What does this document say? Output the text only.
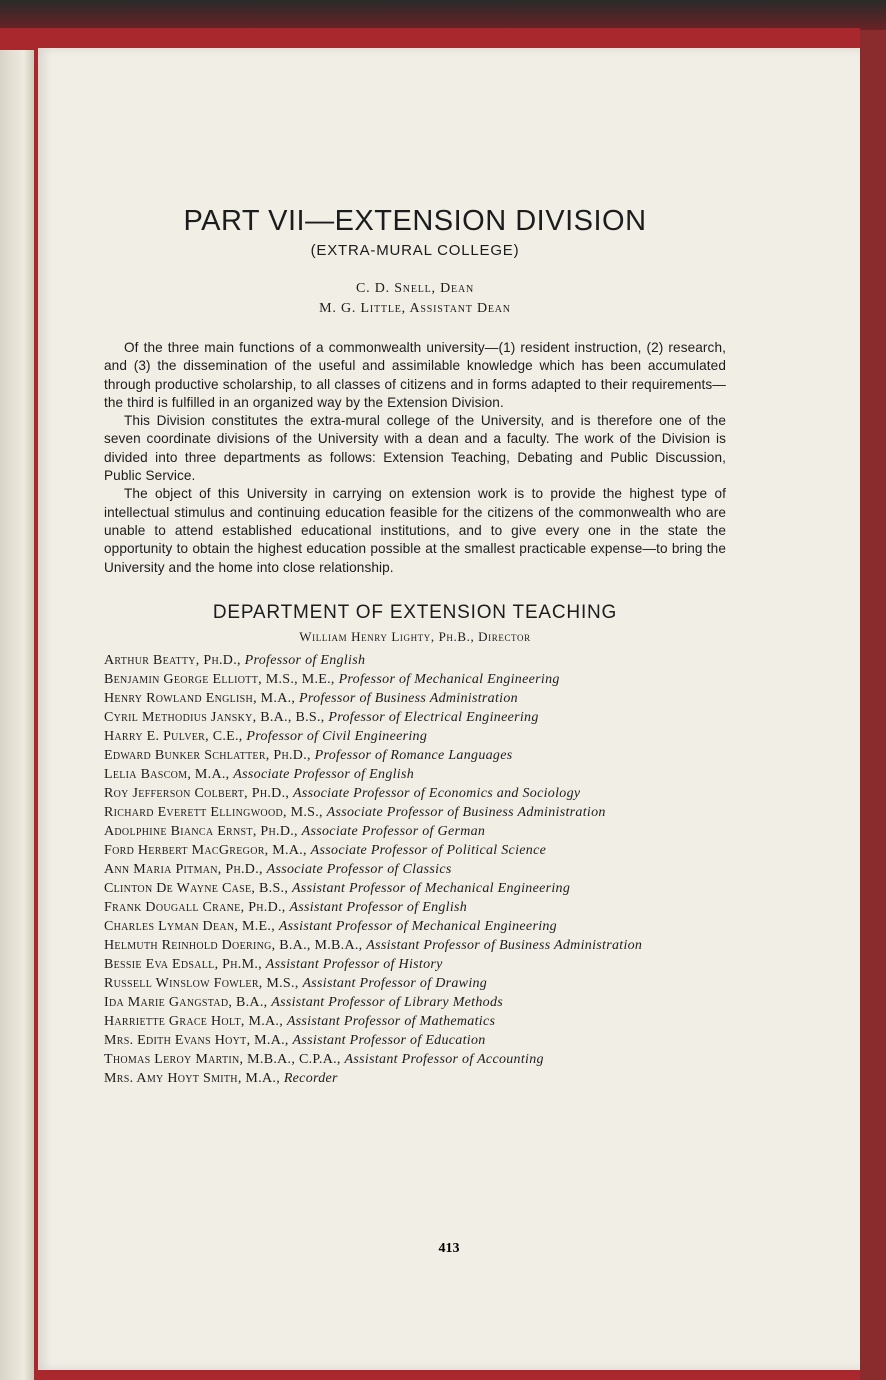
PART VII—EXTENSION DIVISION
(EXTRA-MURAL COLLEGE)
C. D. Snell, Dean
M. G. Little, Assistant Dean

Of the three main functions of a commonwealth university—(1) resident instruction, (2) research, and (3) the dissemination of the useful and assimilable knowledge which has been accumulated through productive scholarship, to all classes of citizens and in forms adapted to their requirements—the third is fulfilled in an organized way by the Extension Division.

This Division constitutes the extra-mural college of the University, and is therefore one of the seven coordinate divisions of the University with a dean and a faculty. The work of the Division is divided into three departments as follows: Extension Teaching, Debating and Public Discussion, Public Service.

The object of this University in carrying on extension work is to provide the highest type of intellectual stimulus and continuing education feasible for the citizens of the commonwealth who are unable to attend established educational institutions, and to give every one in the state the opportunity to obtain the highest education possible at the smallest practicable expense—to bring the University and the home into close relationship.

DEPARTMENT OF EXTENSION TEACHING
William Henry Lighty, Ph.B., Director
Arthur Beatty, Ph.D., Professor of English
Benjamin George Elliott, M.S., M.E., Professor of Mechanical Engineering
Henry Rowland English, M.A., Professor of Business Administration
Cyril Methodius Jansky, B.A., B.S., Professor of Electrical Engineering
Harry E. Pulver, C.E., Professor of Civil Engineering
Edward Bunker Schlatter, Ph.D., Professor of Romance Languages
Lelia Bascom, M.A., Associate Professor of English
Roy Jefferson Colbert, Ph.D., Associate Professor of Economics and Sociology
Richard Everett Ellingwood, M.S., Associate Professor of Business Administration
Adolphine Bianca Ernst, Ph.D., Associate Professor of German
Ford Herbert MacGregor, M.A., Associate Professor of Political Science
Ann Maria Pitman, Ph.D., Associate Professor of Classics
Clinton De Wayne Case, B.S., Assistant Professor of Mechanical Engineering
Frank Dougall Crane, Ph.D., Assistant Professor of English
Charles Lyman Dean, M.E., Assistant Professor of Mechanical Engineering
Helmuth Reinhold Doering, B.A., M.B.A., Assistant Professor of Business Administration
Bessie Eva Edsall, Ph.M., Assistant Professor of History
Russell Winslow Fowler, M.S., Assistant Professor of Drawing
Ida Marie Gangstad, B.A., Assistant Professor of Library Methods
Harriette Grace Holt, M.A., Assistant Professor of Mathematics
Mrs. Edith Evans Hoyt, M.A., Assistant Professor of Education
Thomas Leroy Martin, M.B.A., C.P.A., Assistant Professor of Accounting
Mrs. Amy Hoyt Smith, M.A., Recorder
413
